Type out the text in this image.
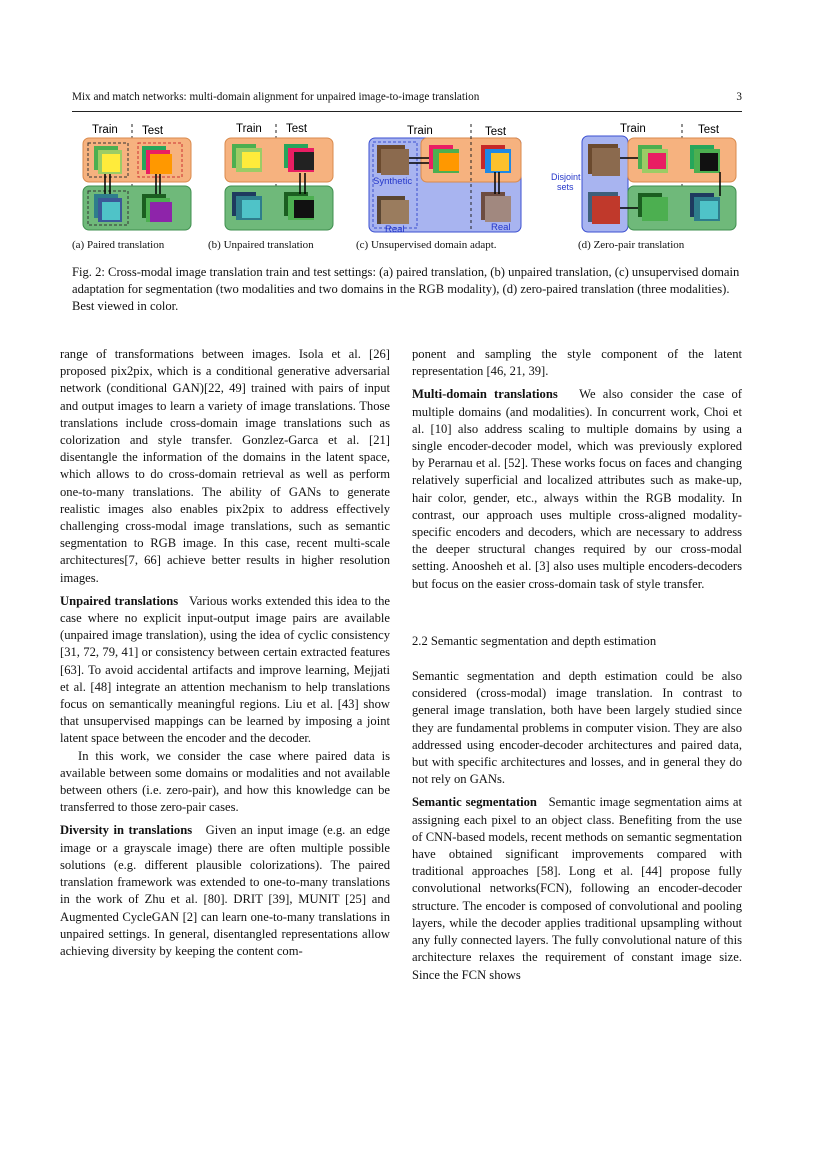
Mix and match networks: multi-domain alignment for unpaired image-to-image translation	3
Train Test	Train Test	Train	Test
Synthetic
Real	Real
Train	Test
Disjoint
sets
(a) Paired translation	(b) Unpaired translation	(c) Unsupervised domain adapt.	(d) Zero-pair translation
Fig. 2: Cross-modal image translation train and test settings: (a) paired translation, (b) unpaired translation, (c) unsupervised domain adaptation for segmentation (two modalities and two domains in the RGB modality), (d) zero-paired translation (three modalities). Best viewed in color.

range of transformations between images. Isola et al. [26] proposed pix2pix, which is a conditional generative adversarial network (conditional GAN)[22, 49] trained with pairs of input and output images to learn a variety of image translations. Those translations include cross-domain image translations such as colorization and style transfer. Gonzlez-Garca et al. [21] disentangle the information of the domains in the latent space, which allows to do cross-domain retrieval as well as perform one-to-many translations. The ability of GANs to generate realistic images also enables pix2pix to address effectively challenging cross-modal image translations, such as semantic segmentation to RGB image. In this case, recent multi-scale architectures[7, 66] achieve better results in higher resolution images.

Unpaired translations Various works extended this idea to the case where no explicit input-output image pairs are available (unpaired image translation), using the idea of cyclic consistency [31, 72, 79, 41] or consistency between certain extracted features [63]. To avoid accidental artifacts and improve learning, Mejjati et al. [48] integrate an attention mechanism to help translations focus on semantically meaningful regions. Liu et al. [43] show that unsupervised mappings can be learned by imposing a joint latent space between the encoder and the decoder.

In this work, we consider the case where paired data is available between some domains or modalities and not available between others (i.e. zero-pair), and how this knowledge can be transferred to those zero-pair cases.

Diversity in translations Given an input image (e.g. an edge image or a grayscale image) there are often multiple possible solutions (e.g. different plausible colorizations). The paired translation framework was extended to one-to-many translations in the work of Zhu et al. [80]. DRIT [39], MUNIT [25] and Augmented CycleGAN [2] can learn one-to-many translations in unpaired settings. In general, disentangled representations allow achieving diversity by keeping the content com-

ponent and sampling the style component of the latent representation [46, 21, 39].

Multi-domain translations We also consider the case of multiple domains (and modalities). In concurrent work, Choi et al. [10] also address scaling to multiple domains by using a single encoder-decoder model, which was previously explored by Perarnau et al. [52]. These works focus on faces and changing relatively superficial and localized attributes such as make-up, hair color, gender, etc., always within the RGB modality. In contrast, our approach uses multiple cross-aligned modality-specific encoders and decoders, which are necessary to address the deeper structural changes required by our cross-modal setting. Anoosheh et al. [3] also uses multiple encoders-decoders but focus on the easier cross-domain task of style transfer.

2.2 Semantic segmentation and depth estimation

Semantic segmentation and depth estimation could be also considered (cross-modal) image translation. In contrast to general image translation, both have been largely studied since they are fundamental problems in computer vision. They are also addressed using encoder-decoder architectures and paired data, but with specific architectures and losses, and in general they do not rely on GANs.

Semantic segmentation Semantic image segmentation aims at assigning each pixel to an object class. Benefiting from the use of CNN-based models, recent methods on semantic segmentation have obtained significant improvements compared with traditional approaches [58]. Long et al. [44] propose fully convolutional networks(FCN), following an encoder-decoder structure. The encoder is composed of convolutional and pooling layers, while the decoder applies traditional upsampling without any fully connected layers. The fully convolutional nature of this architecture relaxes the requirement of constant image size. Since the FCN shows
